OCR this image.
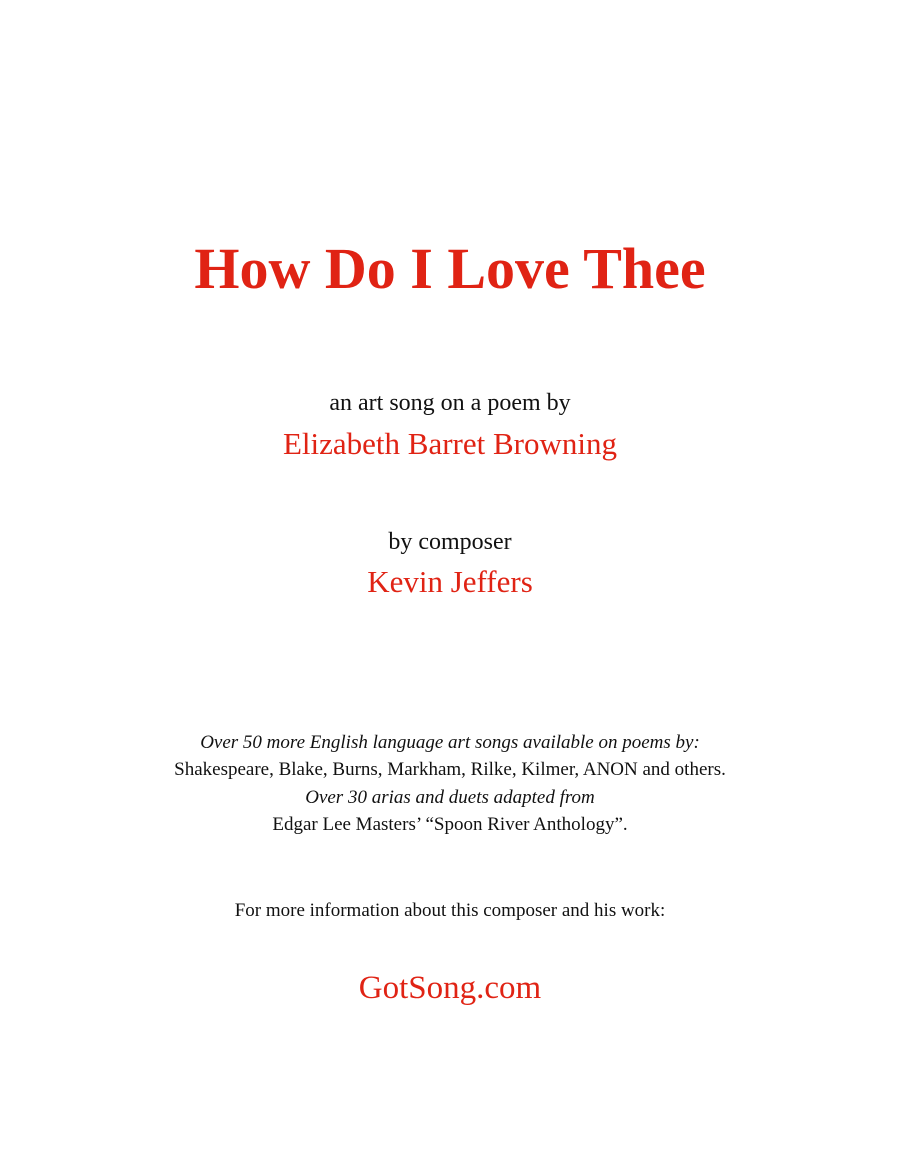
How Do I Love Thee

an art song on a poem by

Elizabeth Barret Browning

by composer

Kevin Jeffers

Over 50 more English language art songs available on poems by:

Shakespeare, Blake, Burns, Markham, Rilke, Kilmer, ANON and others.

Over 30 arias and duets adapted from

Edgar Lee Masters’ “Spoon River Anthology”.

For more information about this composer and his work:

GotSong.com
